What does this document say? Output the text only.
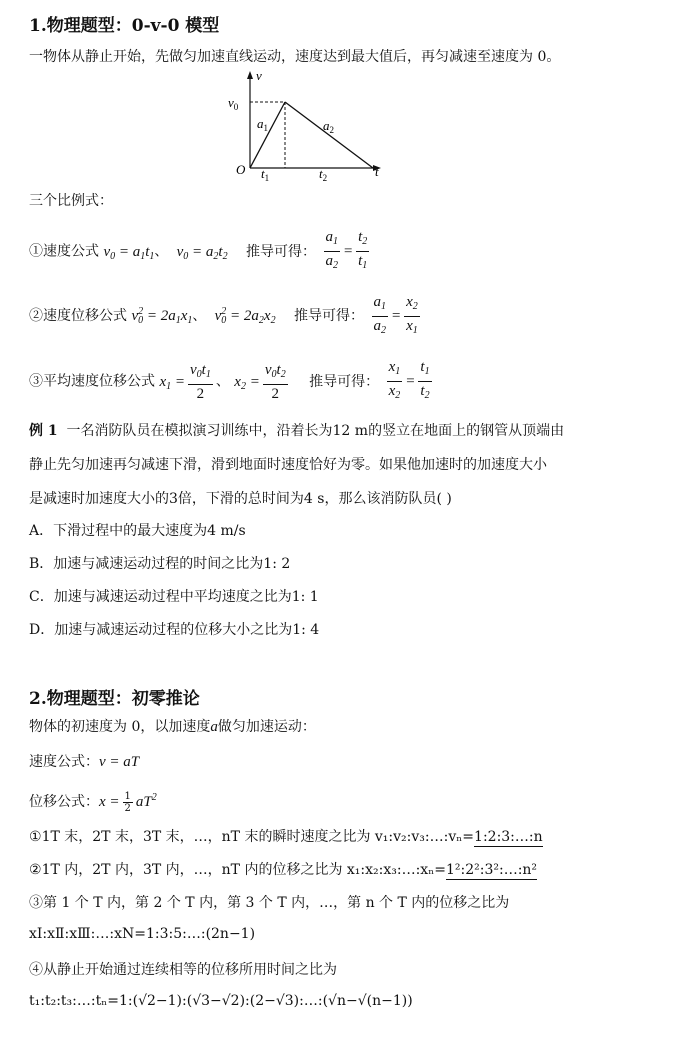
1.物理题型：0-v-0 模型
一物体从静止开始，先做匀加速直线运动，速度达到最大值后，再匀减速至速度为 0。
v
$v_0$
$a_1$	$a_2$
O $t_1$	$t_2$	t
三个比例式：
①速度公式 $v_0 = a_1t_1$、  $v_0 = a_2t_2$ 推导可得： $\frac{a_1}{a_2} = \frac{t_2}{t_1}$
②速度位移公式 $v_0^2 = 2a_1x_1$、  $v_0^2 = 2a_2x_2$ 推导可得： $\frac{a_1}{a_2} = \frac{x_2}{x_1}$
③平均速度位移公式 $x_1 = \frac{v_0t_1}{2}$ 、 $x_2 = \frac{v_0t_2}{2}$ 推导可得： $\frac{x_1}{x_2} = \frac{t_1}{t_2}$
例 1 一名消防队员在模拟演习训练中，沿着长为12 m的竖立在地面上的钢管从顶端由
静止先匀加速再匀减速下滑，滑到地面时速度恰好为零。如果他加速时的加速度大小
是减速时加速度大小的3倍，下滑的总时间为4 s，那么该消防队员( )
A．下滑过程中的最大速度为4 m/s
B．加速与减速运动过程的时间之比为1: 2
C．加速与减速运动过程中平均速度之比为1: 1
D．加速与减速运动过程的位移大小之比为1: 4
2.物理题型：初零推论
物体的初速度为 0，以加速度a做匀加速运动：
速度公式：v = aT
位移公式：$x = \frac{1}{2} aT^2$
①1T 末，2T 末，3T 末，…，nT 末的瞬时速度之比为 v₁:v₂:v₃:…:vₙ=1:2:3:…:n
②1T 内，2T 内，3T 内，…，nT 内的位移之比为 x₁:x₂:x₃:…:xₙ=1²:2²:3²:…:n²
③第 1 个 T 内，第 2 个 T 内，第 3 个 T 内，…，第 n 个 T 内的位移之比为
xⅠ:xⅡ:xⅢ:…:xN=1:3:5:…:(2n−1)
④从静止开始通过连续相等的位移所用时间之比为
t₁:t₂:t₃:…:tₙ=1:(√2−1):(√3−√2):(2−√3):…:(√n−√(n−1))
